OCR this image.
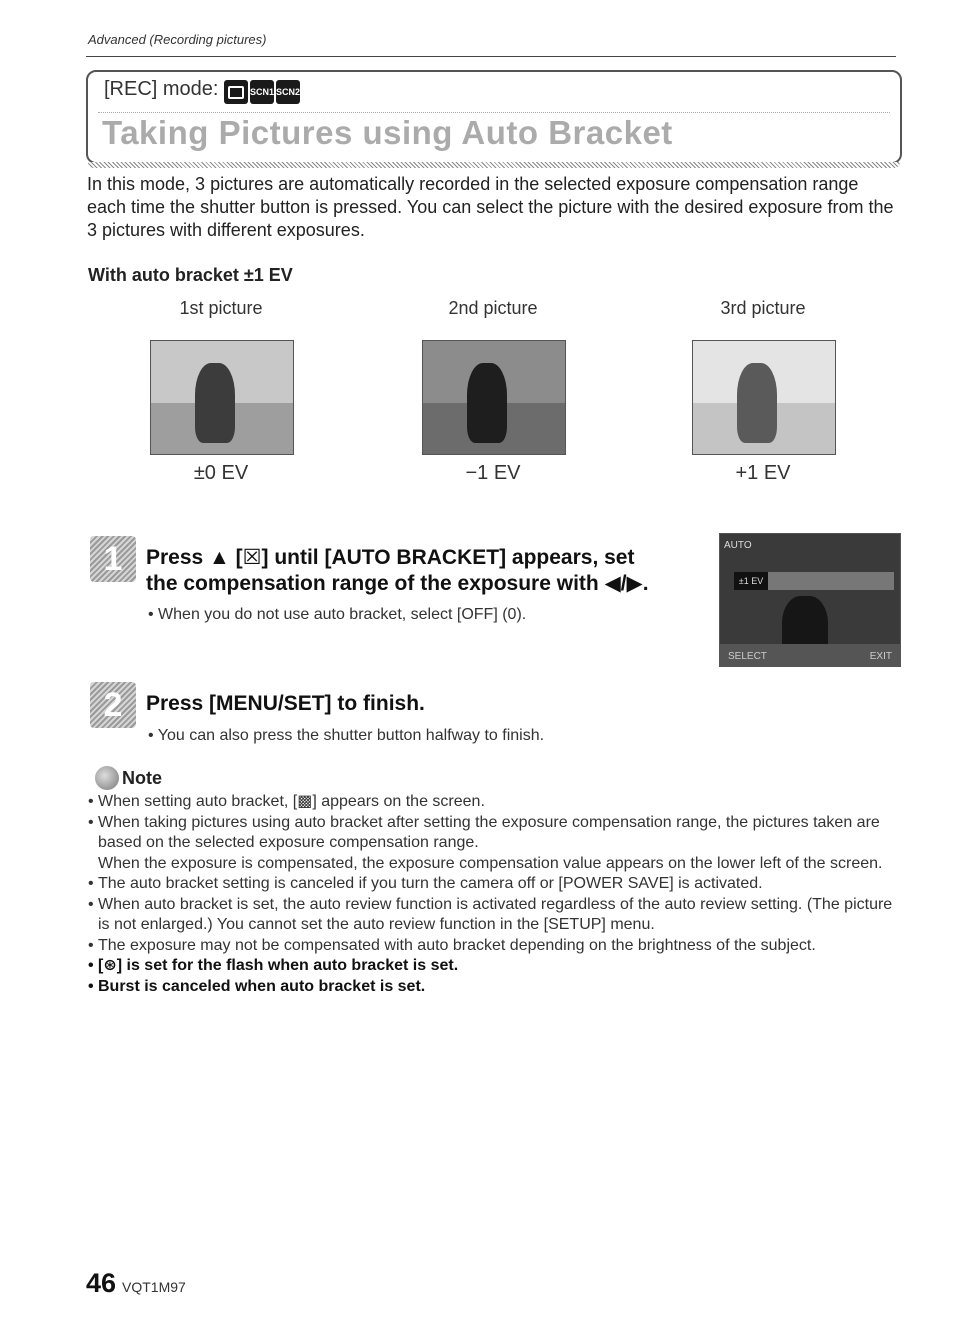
Advanced (Recording pictures)
[REC] mode:	SCN1 SCN2
Taking Pictures using Auto Bracket
In this mode, 3 pictures are automatically recorded in the selected exposure compensation range each time the shutter button is pressed. You can select the picture with the desired exposure from the 3 pictures with different exposures.
With auto bracket ±1 EV
1st picture
±0 EV
2nd picture
−1 EV
3rd picture
+1 EV
1	Press ▲ [☒] until [AUTO BRACKET] appears, set
the compensation range of the exposure with ◀/▶.
• When you do not use auto bracket, select [OFF] (0).
AUTO
±1 EV
SELECT	EXIT
2	Press [MENU/SET] to finish.
• You can also press the shutter button halfway to finish.
Note
• When setting auto bracket, [▩] appears on the screen.
• When taking pictures using auto bracket after setting the exposure compensation range, the pictures taken are based on the selected exposure compensation range.
When the exposure is compensated, the exposure compensation value appears on the lower left of the screen.
• The auto bracket setting is canceled if you turn the camera off or [POWER SAVE] is activated.
• When auto bracket is set, the auto review function is activated regardless of the auto review setting. (The picture is not enlarged.) You cannot set the auto review function in the [SETUP] menu.
• The exposure may not be compensated with auto bracket depending on the brightness of the subject.
• [⊛] is set for the flash when auto bracket is set.
• Burst is canceled when auto bracket is set.
46 VQT1M97
